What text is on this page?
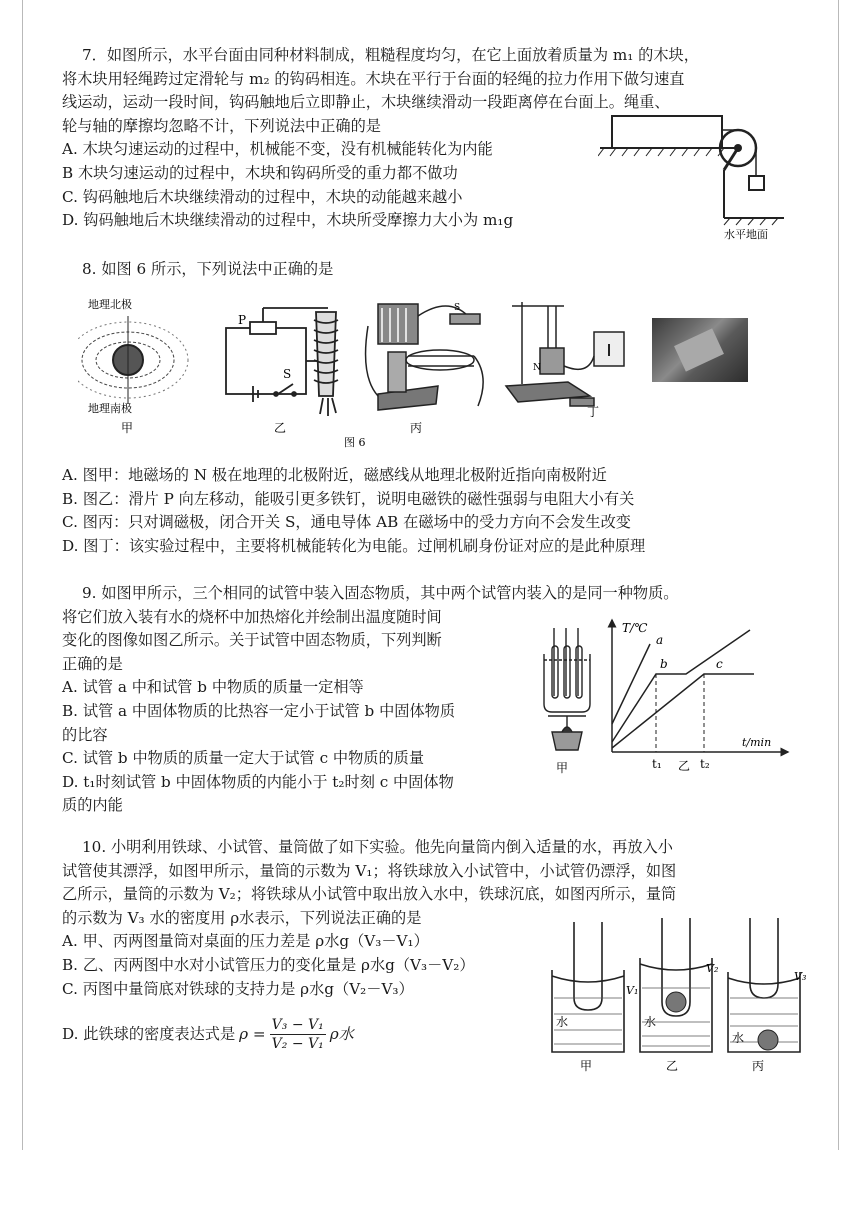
7．如图所示，水平台面由同种材料制成，粗糙程度均匀，在它上面放着质量为 m₁ 的木块，

将木块用轻绳跨过定滑轮与 m₂ 的钩码相连。木块在平行于台面的轻绳的拉力作用下做匀速直

线运动，运动一段时间，钩码触地后立即静止，木块继续滑动一段距离停在台面上。绳重、

轮与轴的摩擦均忽略不计，下列说法中正确的是

A. 木块匀速运动的过程中，机械能不变，没有机械能转化为内能

B 木块匀速运动的过程中，木块和钩码所受的重力都不做功

C. 钩码触地后木块继续滑动的过程中，木块的动能越来越小

D. 钩码触地后木块继续滑动的过程中，木块所受摩擦力大小为 m₁g

水平地面

8. 如图 6 所示，下列说法中正确的是

地理北极
地理南极
甲
P
S
乙
S
丙
N
丁
图 6

A. 图甲：地磁场的 N 极在地理的北极附近，磁感线从地理北极附近指向南极附近

B. 图乙：滑片 P 向左移动，能吸引更多铁钉，说明电磁铁的磁性强弱与电阻大小有关

C. 图丙：只对调磁极，闭合开关 S，通电导体 AB 在磁场中的受力方向不会发生改变

D. 图丁：该实验过程中，主要将机械能转化为电能。过闸机刷身份证对应的是此种原理

9. 如图甲所示，三个相同的试管中装入固态物质，其中两个试管内装入的是同一种物质。

将它们放入装有水的烧杯中加热熔化并绘制出温度随时间

变化的图像如图乙所示。关于试管中固态物质，下列判断

正确的是

A. 试管 a 中和试管 b 中物质的质量一定相等

B. 试管 a 中固体物质的比热容一定小于试管 b 中固体物质

的比容

C. 试管 b 中物质的质量一定大于试管 c 中物质的质量

D. t₁时刻试管 b 中固体物质的内能小于 t₂时刻 c 中固体物

质的内能

甲
T/℃
t/min
a
b	c
t₁ 乙 t₂

10. 小明利用铁球、小试管、量筒做了如下实验。他先向量筒内倒入适量的水，再放入小

试管使其漂浮，如图甲所示，量筒的示数为 V₁；将铁球放入小试管中，小试管仍漂浮，如图

乙所示，量筒的示数为 V₂；将铁球从小试管中取出放入水中，铁球沉底，如图丙所示，量筒

的示数为 V₃ 水的密度用 ρ水表示，下列说法正确的是

A. 甲、丙两图量筒对桌面的压力差是 ρ水g（V₃－V₁）

B. 乙、丙两图中水对小试管压力的变化量是 ρ水g（V₃－V₂）

C. 丙图中量筒底对铁球的支持力是 ρ水g（V₂－V₃）

D. 此铁球的密度表达式是 $\rho = \frac{\text{V₃ − V₁}}{\text{V₂ − V₁}}$ ρ水
V₁
V₂
V₃
水	水
水
甲	乙	丙
